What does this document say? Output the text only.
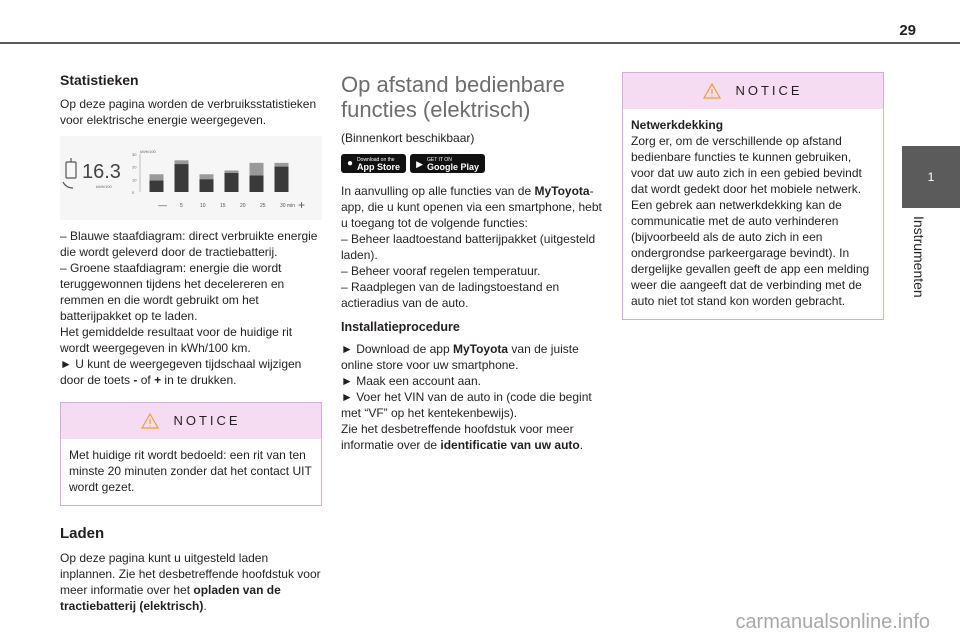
29
1
Instrumenten
Statistieken

Op deze pagina worden de verbruiksstatistieken voor elektrische energie weergegeven.

16.3
kWh/100
kWh/100
30
20
10
0
—	5	10	15	20	25	30 min +

– Blauwe staafdiagram: direct verbruikte energie die wordt geleverd door de tractiebatterij.

– Groene staafdiagram: energie die wordt teruggewonnen tijdens het decelereren en remmen en die wordt gebruikt om het batterijpakket op te laden.

Het gemiddelde resultaat voor de huidige rit wordt weergegeven in kWh/100 km.

► U kunt de weergegeven tijdschaal wijzigen door de toets - of + in te drukken.

NOTICE

Met huidige rit wordt bedoeld: een rit van ten minste 20 minuten zonder dat het contact UIT wordt gezet.

Laden

Op deze pagina kunt u uitgesteld laden inplannen. Zie het desbetreffende hoofdstuk voor meer informatie over het opladen van de tractiebatterij (elektrisch).

Op afstand bedienbare functies (elektrisch)

(Binnenkort beschikbaar)

● Download on the
App Store ▶ GET IT ON
Google Play

In aanvulling op alle functies van de MyToyota-app, die u kunt openen via een smartphone, hebt u toegang tot de volgende functies:

– Beheer laadtoestand batterijpakket (uitgesteld laden).

– Beheer vooraf regelen temperatuur.

– Raadplegen van de ladingstoestand en actieradius van de auto.

Installatieprocedure

► Download de app MyToyota van de juiste online store voor uw smartphone.

► Maak een account aan.

► Voer het VIN van de auto in (code die begint met “VF” op het kentekenbewijs).

Zie het desbetreffende hoofdstuk voor meer informatie over de identificatie van uw auto.

NOTICE

Netwerkdekking

Zorg er, om de verschillende op afstand bedienbare functies te kunnen gebruiken, voor dat uw auto zich in een gebied bevindt dat wordt gedekt door het mobiele netwerk.

Een gebrek aan netwerkdekking kan de communicatie met de auto verhinderen (bijvoorbeeld als de auto zich in een ondergrondse parkeergarage bevindt). In dergelijke gevallen geeft de app een melding weer die aangeeft dat de verbinding met de auto niet tot stand kon worden gebracht.

carmanualsonline.info
